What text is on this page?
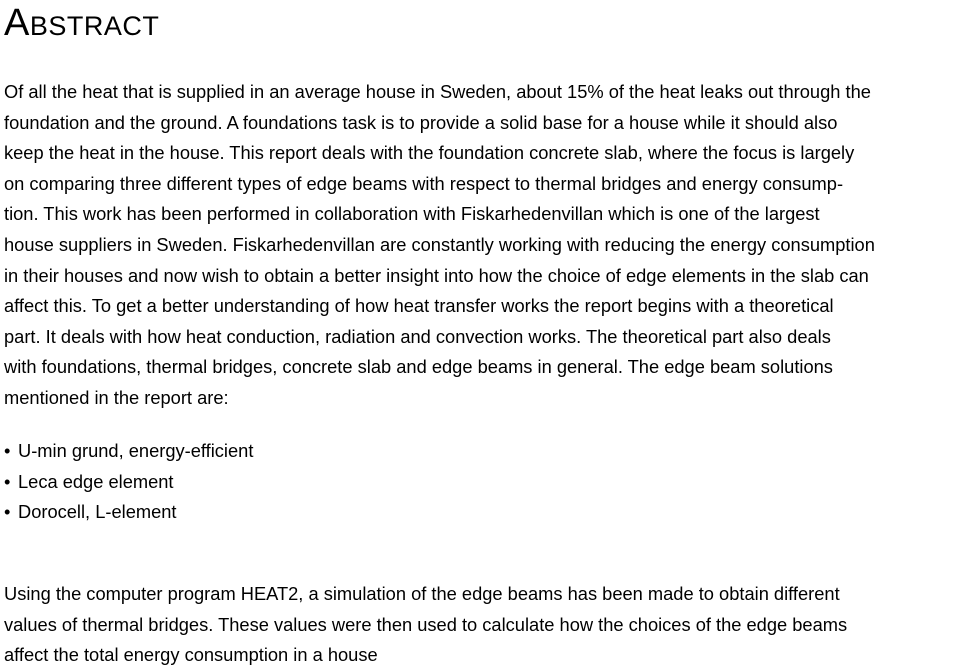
Abstract

Of all the heat that is supplied in an average house in Sweden, about 15% of the heat leaks out through the
foundation and the ground. A foundations task is to provide a solid base for a house while it should also
keep the heat in the house. This report deals with the foundation concrete slab, where the focus is largely
on comparing three different types of edge beams with respect to thermal bridges and energy consump-
tion. This work has been performed in collaboration with Fiskarhedenvillan which is one of the largest
house suppliers in Sweden. Fiskarhedenvillan are constantly working with reducing the energy consumption
in their houses and now wish to obtain a better insight into how the choice of edge elements in the slab can
affect this. To get a better understanding of how heat transfer works the report begins with a theoretical
part. It deals with how heat conduction, radiation and convection works. The theoretical part also deals
with foundations, thermal bridges, concrete slab and edge beams in general. The edge beam solutions
mentioned in the report are:

• U-min grund, energy-efficient
• Leca edge element
• Dorocell, L-element

Using the computer program HEAT2, a simulation of the edge beams has been made to obtain different
values of thermal bridges. These values were then used to calculate how the choices of the edge beams
affect the total energy consumption in a house
